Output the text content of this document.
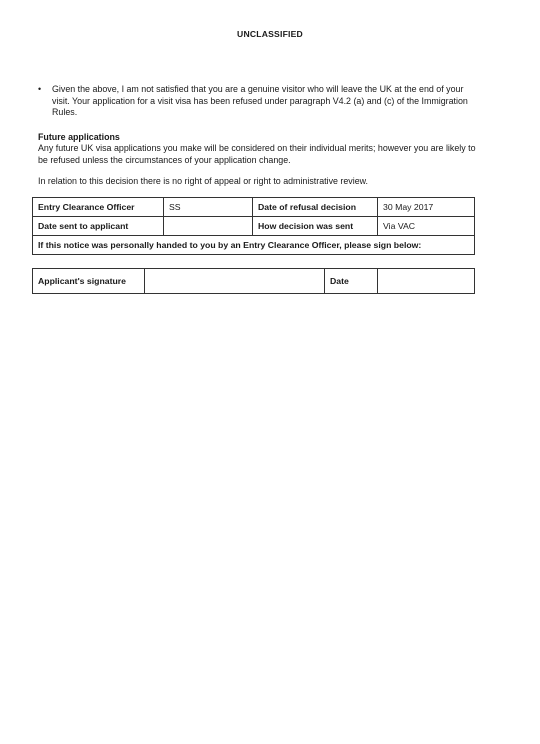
UNCLASSIFIED
• Given the above, I am not satisfied that you are a genuine visitor who will leave the UK at the end of your visit. Your application for a visit visa has been refused under paragraph V4.2 (a) and (c) of the Immigration Rules.
Future applications
Any future UK visa applications you make will be considered on their individual merits; however you are likely to be refused unless the circumstances of your application change.
In relation to this decision there is no right of appeal or right to administrative review.
Entry Clearance Officer	SS	Date of refusal decision	30 May 2017
Date sent to applicant		How decision was sent	Via VAC
If this notice was personally handed to you by an Entry Clearance Officer, please sign below:			
Applicant's signature		Date	
